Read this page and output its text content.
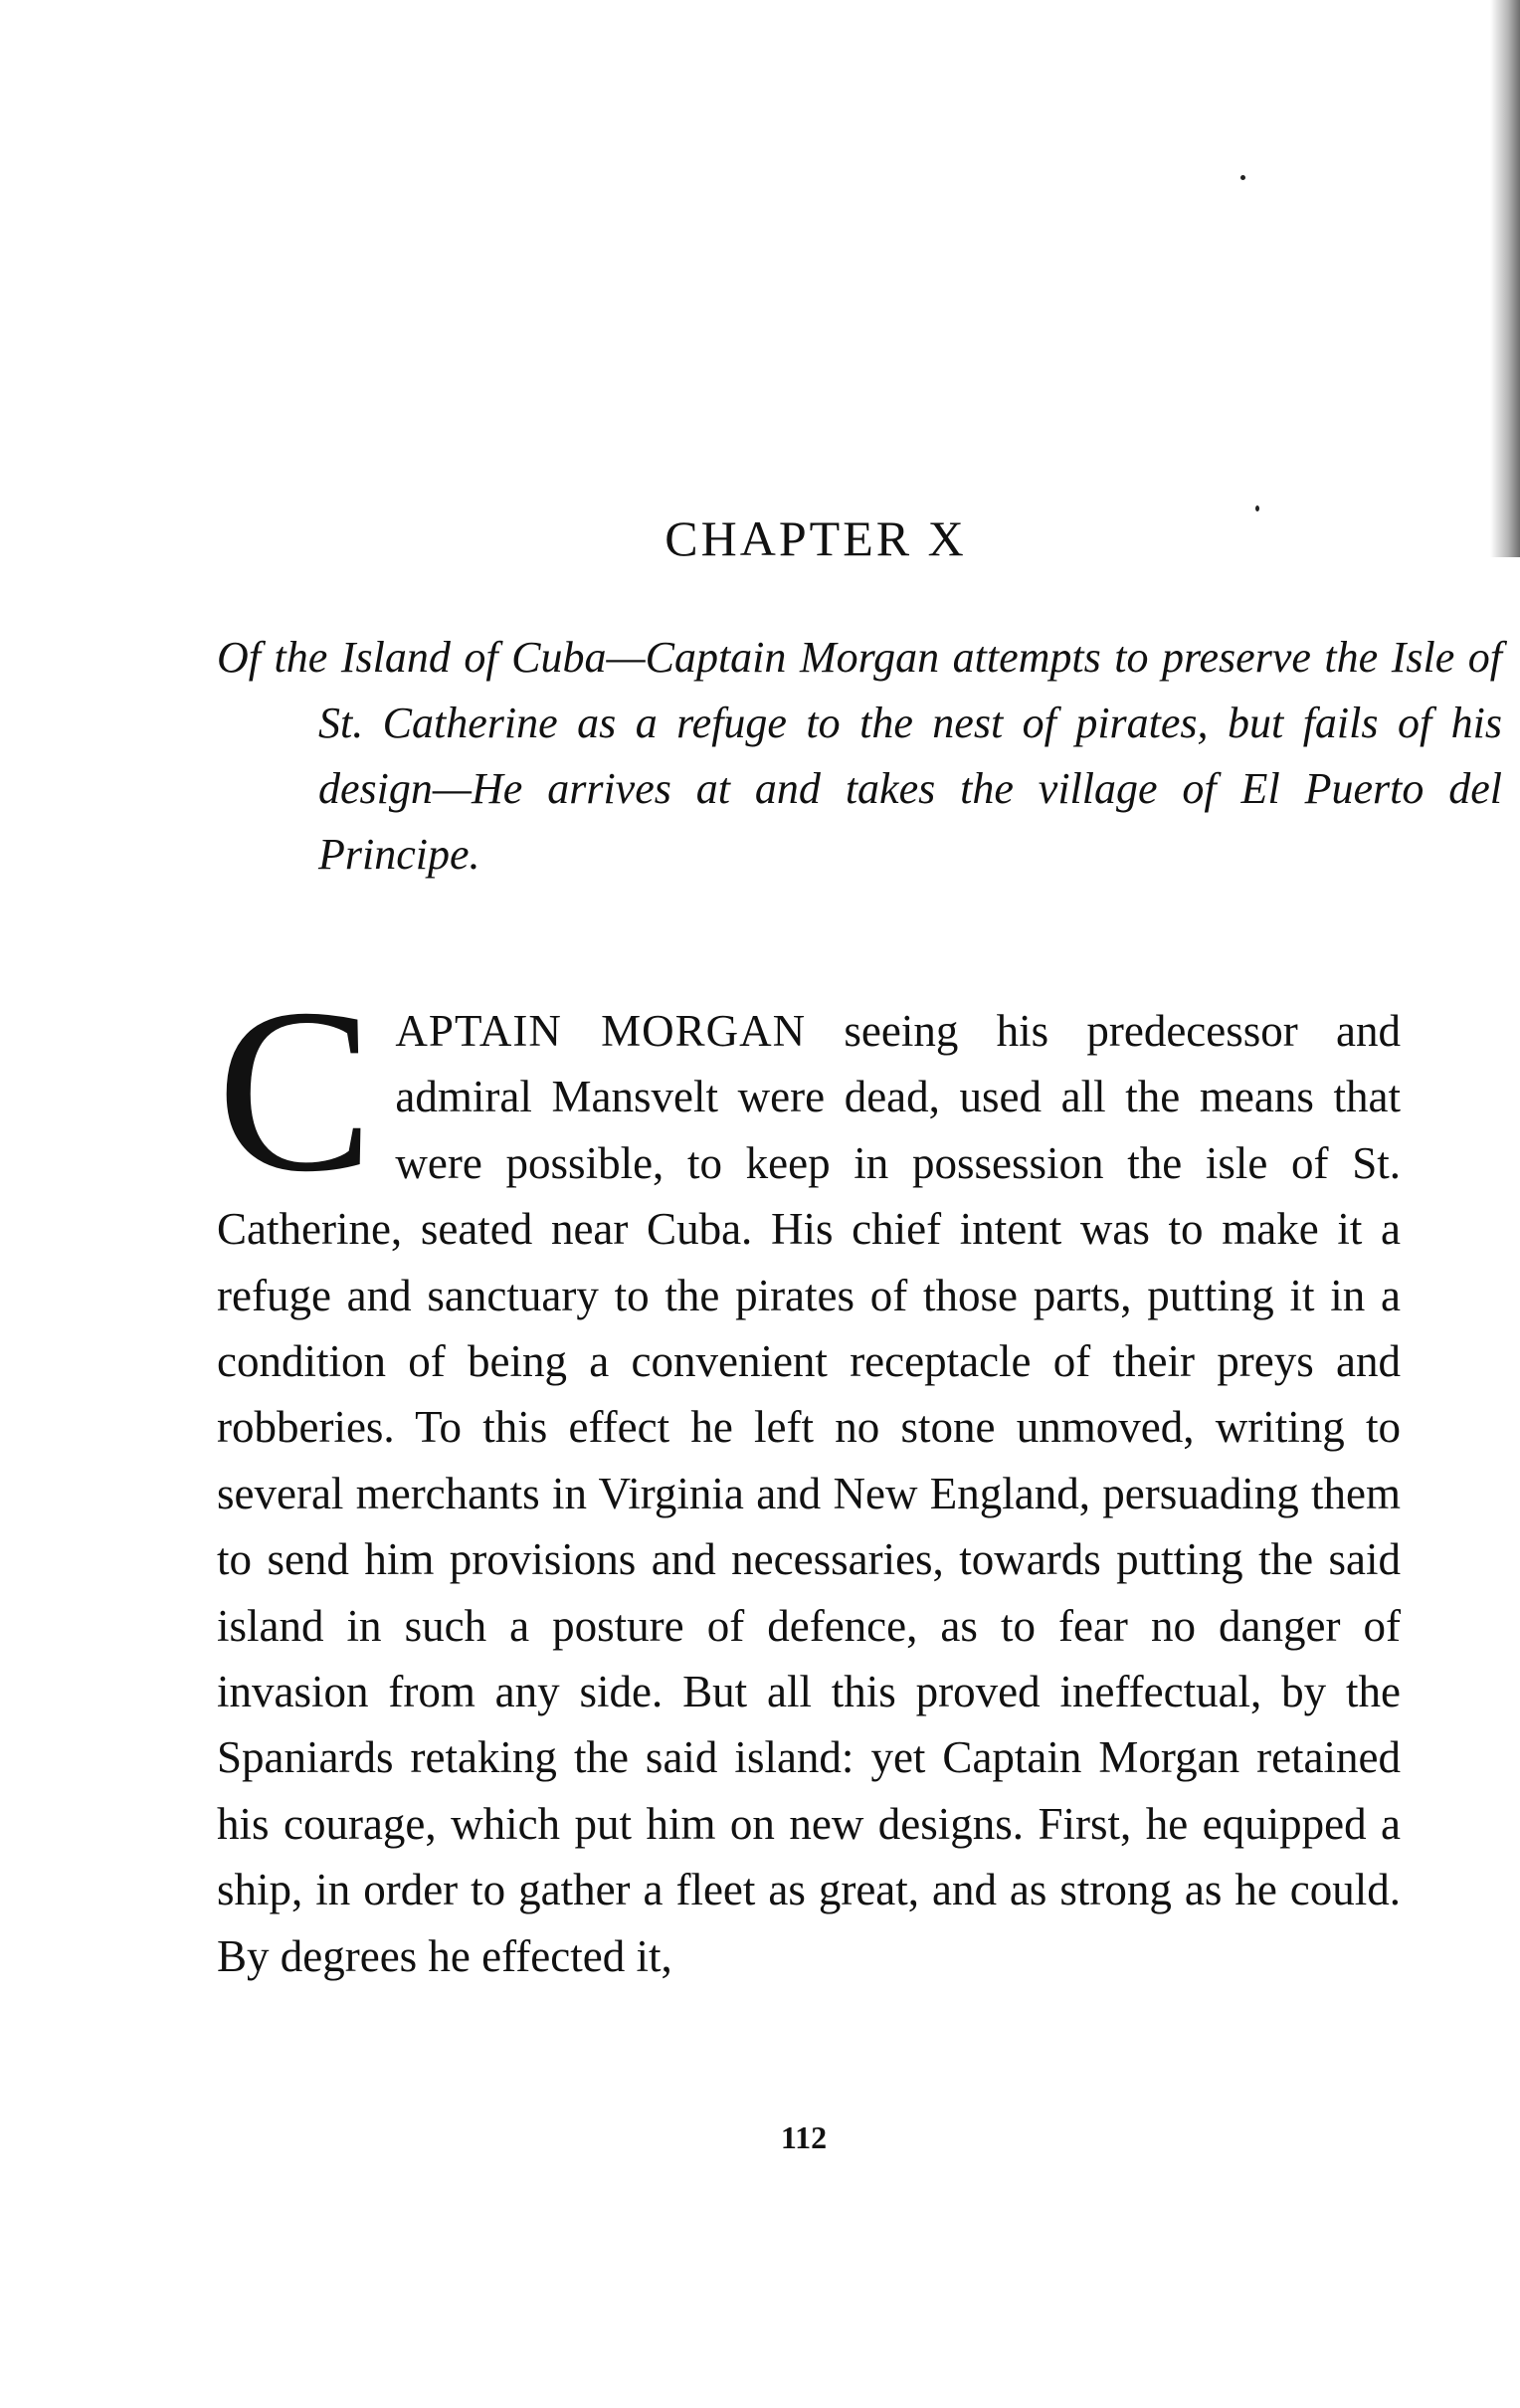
CHAPTER X

Of the Island of Cuba—Captain Morgan attempts to preserve the Isle of St. Catherine as a refuge to the nest of pirates, but fails of his design—He arrives at and takes the village of El Puerto del Principe.

CAPTAIN MORGAN seeing his predecessor and admiral Mansvelt were dead, used all the means that were possible, to keep in possession the isle of St. Catherine, seated near Cuba. His chief intent was to make it a refuge and sanctuary to the pirates of those parts, putting it in a condition of being a convenient receptacle of their preys and robberies. To this effect he left no stone unmoved, writing to several merchants in Virginia and New England, persuading them to send him provisions and necessaries, towards putting the said island in such a posture of defence, as to fear no danger of invasion from any side. But all this proved ineffectual, by the Spaniards retaking the said island: yet Captain Morgan retained his courage, which put him on new designs. First, he equipped a ship, in order to gather a fleet as great, and as strong as he could. By degrees he effected it,

112
